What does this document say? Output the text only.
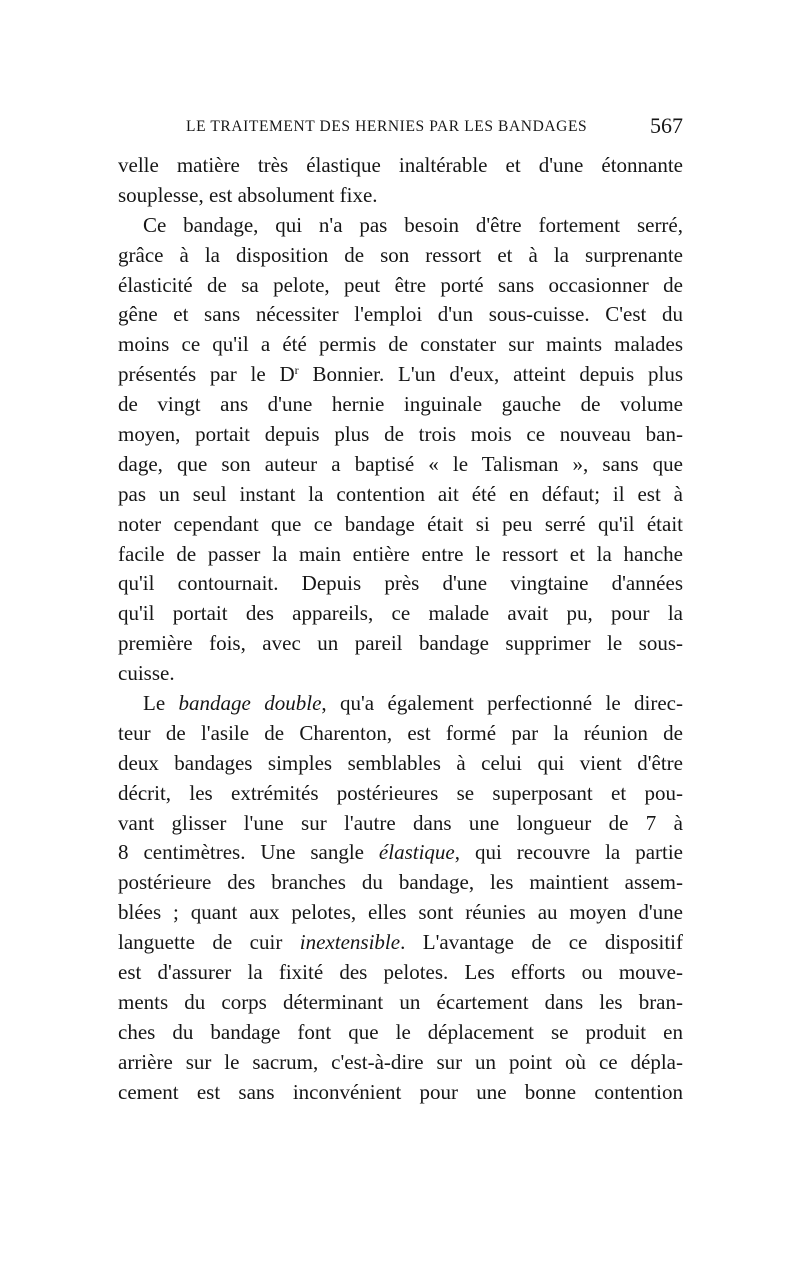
LE TRAITEMENT DES HERNIES PAR LES BANDAGES	567
velle matière très élastique inaltérable et d'une étonnante
souplesse, est absolument fixe.
Ce bandage, qui n'a pas besoin d'être fortement serré,
grâce à la disposition de son ressort et à la surprenante
élasticité de sa pelote, peut être porté sans occasionner de
gêne et sans nécessiter l'emploi d'un sous-cuisse. C'est du
moins ce qu'il a été permis de constater sur maints malades
présentés par le $D^r$ Bonnier. L'un d'eux, atteint depuis plus
de vingt ans d'une hernie inguinale gauche de volume
moyen, portait depuis plus de trois mois ce nouveau ban-
dage, que son auteur a baptisé « le Talisman », sans que
pas un seul instant la contention ait été en défaut; il est à
noter cependant que ce bandage était si peu serré qu'il était
facile de passer la main entière entre le ressort et la hanche
qu'il contournait. Depuis près d'une vingtaine d'années
qu'il portait des appareils, ce malade avait pu, pour la
première fois, avec un pareil bandage supprimer le sous-
cuisse.
Le bandage double, qu'a également perfectionné le direc-
teur de l'asile de Charenton, est formé par la réunion de
deux bandages simples semblables à celui qui vient d'être
décrit, les extrémités postérieures se superposant et pou-
vant glisser l'une sur l'autre dans une longueur de 7 à
8 centimètres. Une sangle élastique, qui recouvre la partie
postérieure des branches du bandage, les maintient assem-
blées ; quant aux pelotes, elles sont réunies au moyen d'une
languette de cuir inextensible. L'avantage de ce dispositif
est d'assurer la fixité des pelotes. Les efforts ou mouve-
ments du corps déterminant un écartement dans les bran-
ches du bandage font que le déplacement se produit en
arrière sur le sacrum, c'est-à-dire sur un point où ce dépla-
cement est sans inconvénient pour une bonne contention
